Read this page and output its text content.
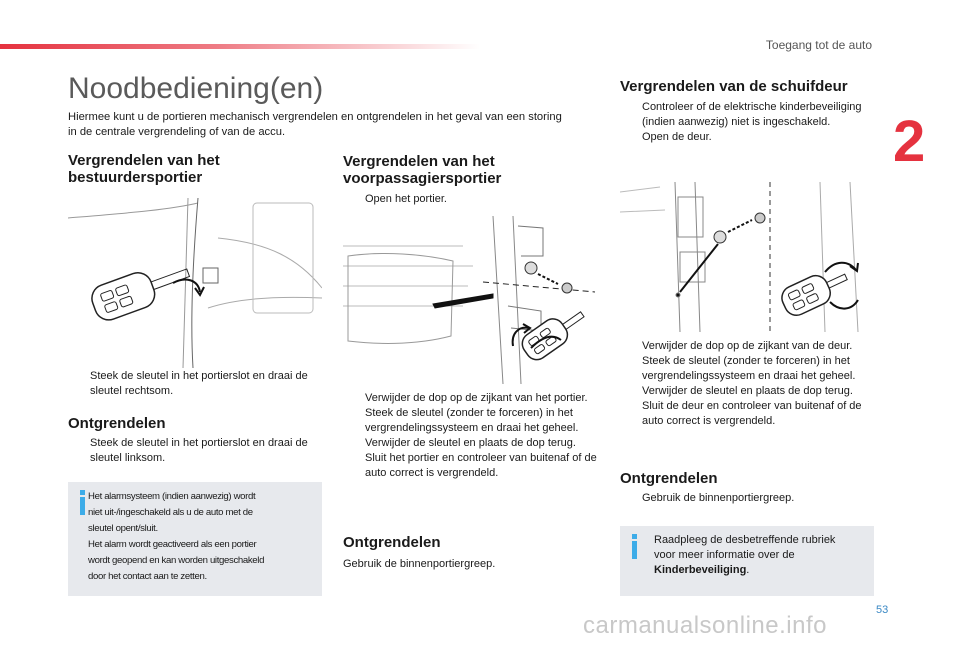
Toegang tot de auto
2
Noodbediening(en)

Hiermee kunt u de portieren mechanisch vergrendelen en ontgrendelen in het geval van een storing in de centrale vergrendeling of van de accu.

Vergrendelen van het bestuurdersportier
Steek de sleutel in het portierslot en draai de sleutel rechtsom.
Ontgrendelen
Steek de sleutel in het portierslot en draai de sleutel linksom.
Het alarmsysteem (indien aanwezig) wordt
niet uit-/ingeschakeld als u de auto met de
sleutel opent/sluit.
Het alarm wordt geactiveerd als een portier
wordt geopend en kan worden uitgeschakeld
door het contact aan te zetten.
Vergrendelen van het voorpassagiersportier
Open het portier.
Verwijder de dop op de zijkant van het portier.
Steek de sleutel (zonder te forceren) in het vergrendelingssysteem en draai het geheel.
Verwijder de sleutel en plaats de dop terug.
Sluit het portier en controleer van buitenaf of de auto correct is vergrendeld.
Ontgrendelen

Gebruik de binnenportiergreep.

Vergrendelen van de schuifdeur
Controleer of de elektrische kinderbeveiliging (indien aanwezig) niet is ingeschakeld.
Open de deur.
Verwijder de dop op de zijkant van de deur.
Steek de sleutel (zonder te forceren) in het vergrendelingssysteem en draai het geheel.
Verwijder de sleutel en plaats de dop terug.
Sluit de deur en controleer van buitenaf of de auto correct is vergrendeld.
Ontgrendelen
Gebruik de binnenportiergreep.

Raadpleeg de desbetreffende rubriek voor meer informatie over de Kinderbeveiliging.

53
carmanualsonline.info
